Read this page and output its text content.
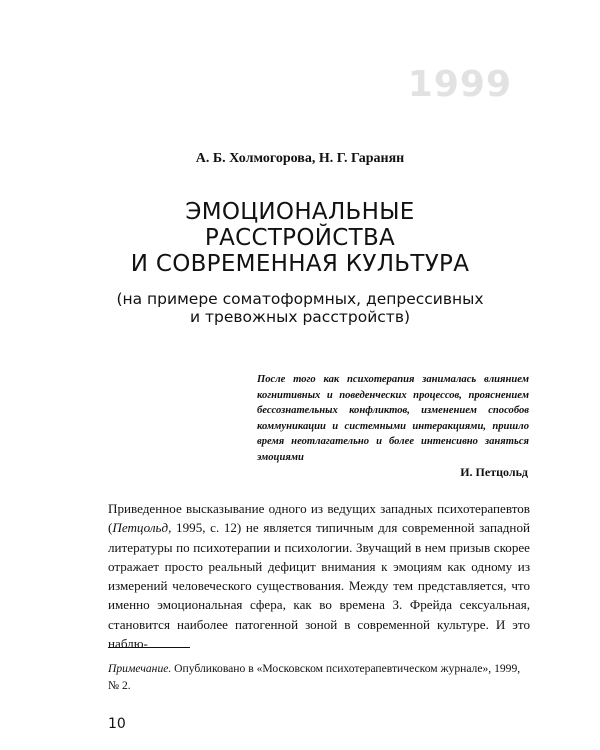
1999
А. Б. Холмогорова, Н. Г. Гаранян
ЭМОЦИОНАЛЬНЫЕ
РАССТРОЙСТВА
И СОВРЕМЕННАЯ КУЛЬТУРА
(на примере соматоформных, депрессивных
и тревожных расстройств)
После того как психотерапия занималась влиянием когнитивных и поведенческих процессов, прояснением бессознательных конфликтов, изменением способов коммуникации и системными интеракциями, пришло время неотлагательно и более интенсивно заняться эмоциями
И. Петцольд
Приведенное высказывание одного из ведущих западных психотерапевтов (Петцольд, 1995, с. 12) не является типичным для современной западной литературы по психотерапии и психологии. Звучащий в нем призыв скорее отражает просто реальный дефицит внимания к эмоциям как одному из измерений человеческого существования. Между тем представляется, что именно эмоциональная сфера, как во времена З. Фрейда сексуальная, становится наиболее патогенной зоной в современной культуре. И это наблю-
Примечание. Опубликовано в «Московском психотерапевтическом журнале», 1999, № 2.
10
